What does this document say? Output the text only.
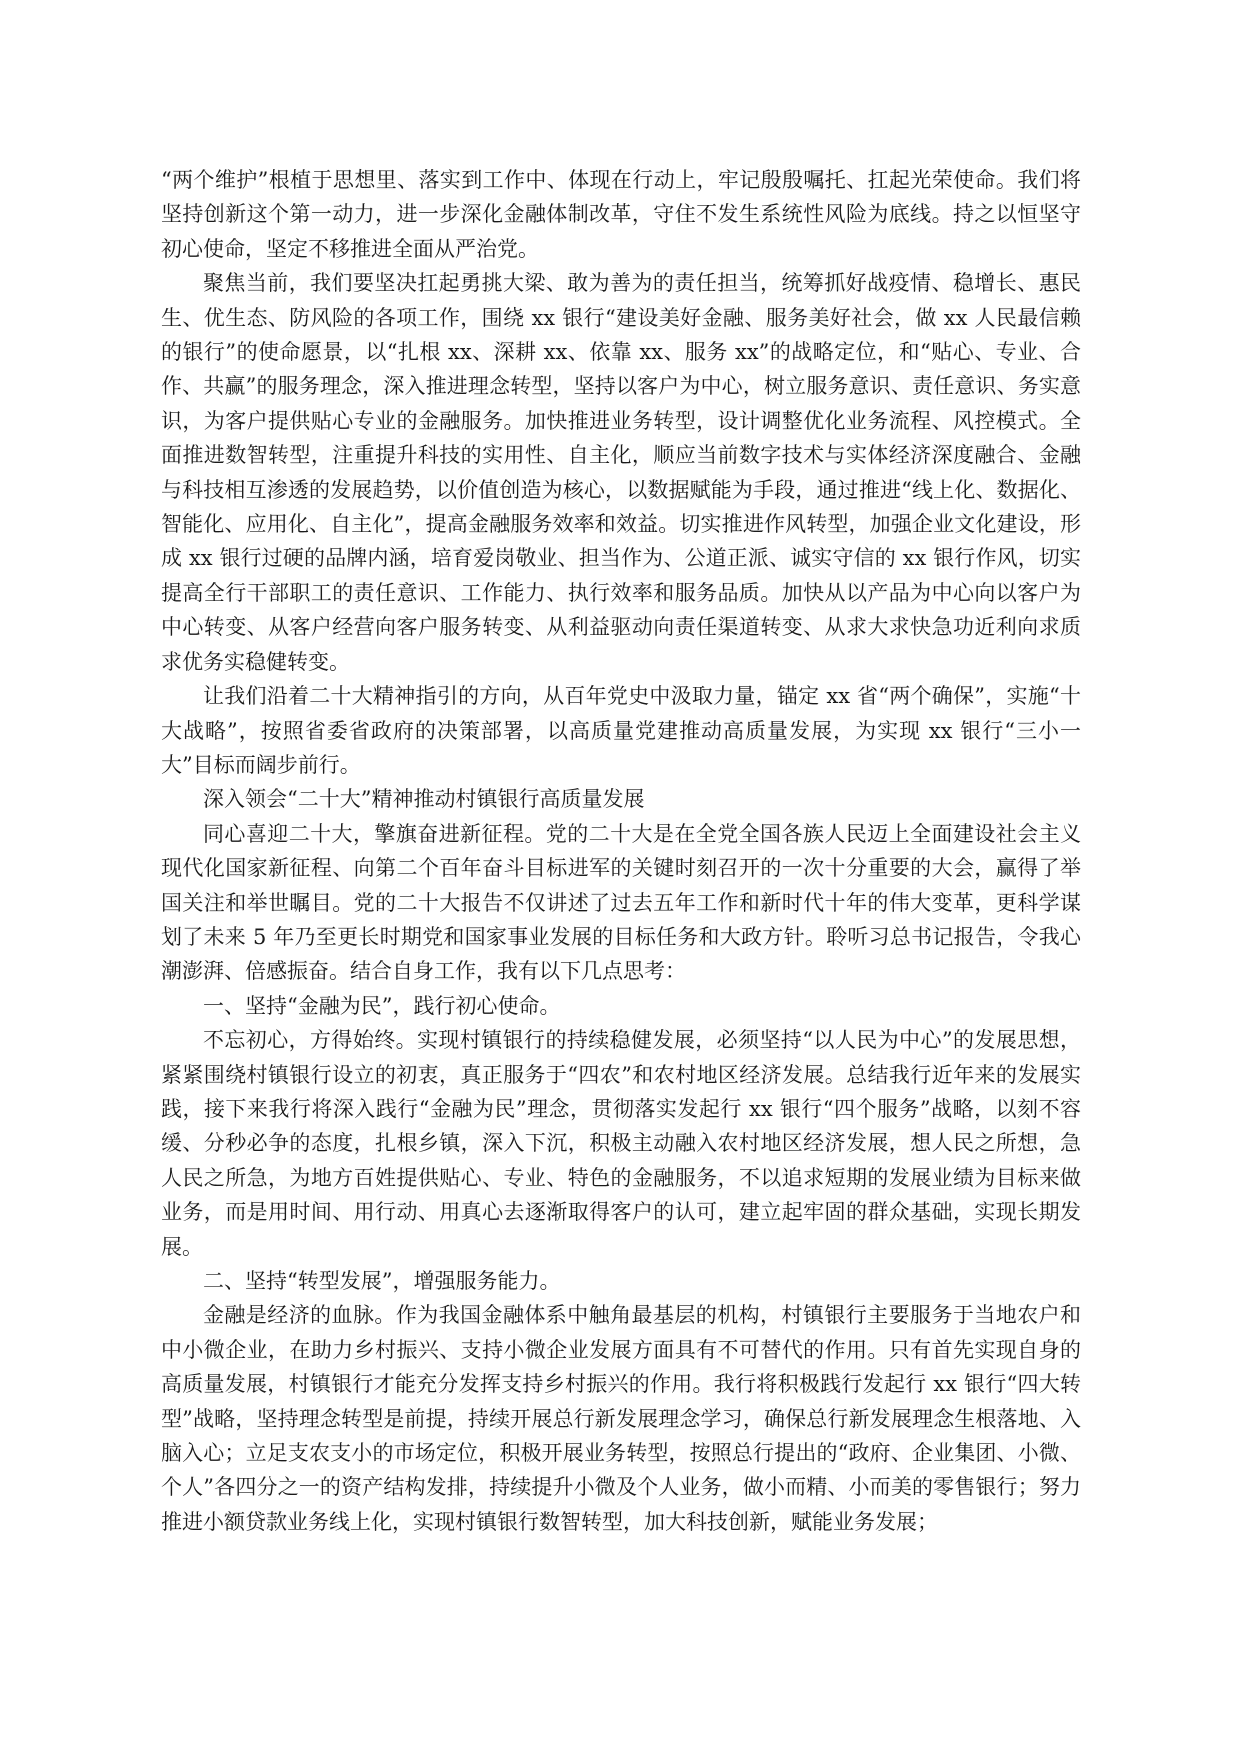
“两个维护”根植于思想里、落实到工作中、体现在行动上，牢记殷殷嘱托、扛起光荣使命。我们将坚持创新这个第一动力，进一步深化金融体制改革，守住不发生系统性风险为底线。持之以恒坚守初心使命，坚定不移推进全面从严治党。

聚焦当前，我们要坚决扛起勇挑大梁、敢为善为的责任担当，统筹抓好战疫情、稳增长、惠民生、优生态、防风险的各项工作，围绕 xx 银行“建设美好金融、服务美好社会，做 xx 人民最信赖的银行”的使命愿景，以“扎根 xx、深耕 xx、依靠 xx、服务 xx”的战略定位，和“贴心、专业、合作、共赢”的服务理念，深入推进理念转型，坚持以客户为中心，树立服务意识、责任意识、务实意识，为客户提供贴心专业的金融服务。加快推进业务转型，设计调整优化业务流程、风控模式。全面推进数智转型，注重提升科技的实用性、自主化，顺应当前数字技术与实体经济深度融合、金融与科技相互渗透的发展趋势，以价值创造为核心，以数据赋能为手段，通过推进“线上化、数据化、智能化、应用化、自主化”，提高金融服务效率和效益。切实推进作风转型，加强企业文化建设，形成 xx 银行过硬的品牌内涵，培育爱岗敬业、担当作为、公道正派、诚实守信的 xx 银行作风，切实提高全行干部职工的责任意识、工作能力、执行效率和服务品质。加快从以产品为中心向以客户为中心转变、从客户经营向客户服务转变、从利益驱动向责任渠道转变、从求大求快急功近利向求质求优务实稳健转变。

让我们沿着二十大精神指引的方向，从百年党史中汲取力量，锚定 xx 省“两个确保”，实施“十大战略”，按照省委省政府的决策部署，以高质量党建推动高质量发展，为实现 xx 银行“三小一大”目标而阔步前行。

深入领会“二十大”精神推动村镇银行高质量发展

同心喜迎二十大，擎旗奋进新征程。党的二十大是在全党全国各族人民迈上全面建设社会主义现代化国家新征程、向第二个百年奋斗目标进军的关键时刻召开的一次十分重要的大会，赢得了举国关注和举世瞩目。党的二十大报告不仅讲述了过去五年工作和新时代十年的伟大变革，更科学谋划了未来 5 年乃至更长时期党和国家事业发展的目标任务和大政方针。聆听习总书记报告，令我心潮澎湃、倍感振奋。结合自身工作，我有以下几点思考：

一、坚持“金融为民”，践行初心使命。

不忘初心，方得始终。实现村镇银行的持续稳健发展，必须坚持“以人民为中心”的发展思想，紧紧围绕村镇银行设立的初衷，真正服务于“四农”和农村地区经济发展。总结我行近年来的发展实践，接下来我行将深入践行“金融为民”理念，贯彻落实发起行 xx 银行“四个服务”战略，以刻不容缓、分秒必争的态度，扎根乡镇，深入下沉，积极主动融入农村地区经济发展，想人民之所想，急人民之所急，为地方百姓提供贴心、专业、特色的金融服务，不以追求短期的发展业绩为目标来做业务，而是用时间、用行动、用真心去逐渐取得客户的认可，建立起牢固的群众基础，实现长期发展。

二、坚持“转型发展”，增强服务能力。

金融是经济的血脉。作为我国金融体系中触角最基层的机构，村镇银行主要服务于当地农户和中小微企业，在助力乡村振兴、支持小微企业发展方面具有不可替代的作用。只有首先实现自身的高质量发展，村镇银行才能充分发挥支持乡村振兴的作用。我行将积极践行发起行 xx 银行“四大转型”战略，坚持理念转型是前提，持续开展总行新发展理念学习，确保总行新发展理念生根落地、入脑入心；立足支农支小的市场定位，积极开展业务转型，按照总行提出的“政府、企业集团、小微、个人”各四分之一的资产结构发排，持续提升小微及个人业务，做小而精、小而美的零售银行；努力推进小额贷款业务线上化，实现村镇银行数智转型，加大科技创新，赋能业务发展；
